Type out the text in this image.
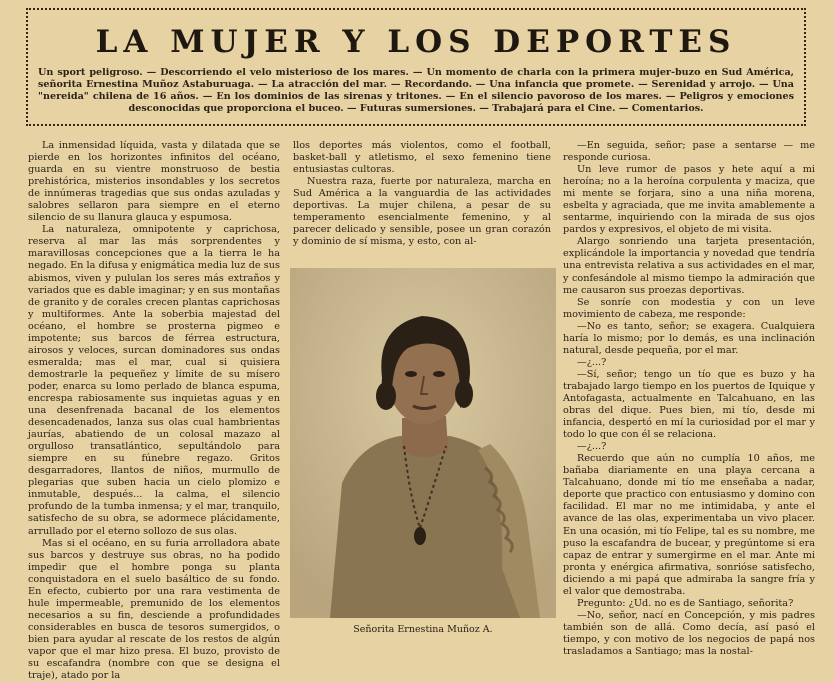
LA MUJER Y LOS DEPORTES
Un sport peligroso. — Descorriendo el velo misterioso de los mares. — Un momento de charla con la primera mujer-buzo en Sud América, señorita Ernestina Muñoz Astaburuaga. — La atracción del mar. — Recordando. — Una infancia que promete. — Serenidad y arrojo. — Una "nereida" chilena de 16 años. — En los dominios de las sirenas y tritones. — En el silencio pavoroso de los mares. — Peligros y emociones desconocidas que proporciona el buceo. — Futuras sumersiones. — Trabajará para el Cine. — Comentarios.

La inmensidad líquida, vasta y dilatada que se pierde en los horizontes infinitos del océano, guarda en su vientre monstruoso de bestia prehistórica, misterios insondables y los secretos de innúmeras tragedias que sus ondas azuladas y salobres sellaron para siempre en el eterno silencio de su llanura glauca y espumosa.

La naturaleza, omnipotente y caprichosa, reserva al mar las más sorprendentes y maravillosas concepciones que a la tierra le ha negado. En la difusa y enigmática media luz de sus abismos, viven y pululan los seres más extraños y variados que es dable imaginar; y en sus montañas de granito y de corales crecen plantas caprichosas y multiformes. Ante la soberbia majestad del océano, el hombre se prosterna pigmeo e impotente; sus barcos de férrea estructura, airosos y veloces, surcan dominadores sus ondas esmeralda; mas el mar, cual si quisiera demostrarle la pequeñez y límite de su mísero poder, enarca su lomo perlado de blanca espuma, encrespa rabiosamente sus inquietas aguas y en una desenfrenada bacanal de los elementos desencadenados, lanza sus olas cual hambrientas jaurías, abatiendo de un colosal mazazo al orgulloso transatlántico, sepultándolo para siempre en su fúnebre regazo. Gritos desgarradores, llantos de niños, murmullo de plegarias que suben hacia un cielo plomizo e inmutable, después... la calma, el silencio profundo de la tumba inmensa; y el mar, tranquilo, satisfecho de su obra, se adormece plácidamente, arrullado por el eterno sollozo de sus olas.

Mas si el océano, en su furia arrolladora abate sus barcos y destruye sus obras, no ha podido impedir que el hombre ponga su planta conquistadora en el suelo basáltico de su fondo. En efecto, cubierto por una rara vestimenta de hule impermeable, premunido de los elementos necesarios a su fin, desciende a profundidades considerables en busca de tesoros sumergidos, o bien para ayudar al rescate de los restos de algún vapor que el mar hizo presa. El buzo, provisto de su escafandra (nombre con que se designa el traje), atado por la

llos deportes más violentos, como el football, basket-ball y atletismo, el sexo femenino tiene entusiastas cultoras.

Nuestra raza, fuerte por naturaleza, marcha en Sud América a la vanguardia de las actividades deportivas. La mujer chilena, a pesar de su temperamento esencialmente femenino, y al parecer delicado y sensible, posee un gran corazón y dominio de sí misma, y esto, con al-

Señorita Ernestina Muñoz A.

—En seguida, señor; pase a sentarse — me responde curiosa.

Un leve rumor de pasos y hete aquí a mi heroína; no a la heroína corpulenta y maciza, que mi mente se forjara, sino a una niña morena, esbelta y agraciada, que me invita amablemente a sentarme, inquiriendo con la mirada de sus ojos pardos y expresivos, el objeto de mi visita.

Alargo sonriendo una tarjeta presentación, explicándole la importancia y novedad que tendría una entrevista relativa a sus actividades en el mar, y confesándole al mismo tiempo la admiración que me causaron sus proezas deportivas.

Se sonríe con modestia y con un leve movimiento de cabeza, me responde:

—No es tanto, señor; se exagera. Cualquiera haría lo mismo; por lo demás, es una inclinación natural, desde pequeña, por el mar.

—¿...?

—Sí, señor; tengo un tío que es buzo y ha trabajado largo tiempo en los puertos de Iquique y Antofagasta, actualmente en Talcahuano, en las obras del dique. Pues bien, mi tío, desde mi infancia, despertó en mí la curiosidad por el mar y todo lo que con él se relaciona.

—¿...?

Recuerdo que aún no cumplía 10 años, me bañaba diariamente en una playa cercana a Talcahuano, donde mi tío me enseñaba a nadar, deporte que practico con entusiasmo y domino con facilidad. El mar no me intimidaba, y ante el avance de las olas, experimentaba un vivo placer. En una ocasión, mi tío Felipe, tal es su nombre, me puso la escafandra de bucear, y pregúntome si era capaz de entrar y sumergirme en el mar. Ante mi pronta y enérgica afirmativa, sonrióse satisfecho, diciendo a mi papá que admiraba la sangre fría y el valor que demostraba.

Pregunto: ¿Ud. no es de Santiago, señorita?

—No, señor, nací en Concepción, y mis padres también son de allá. Como decía, así pasó el tiempo, y con motivo de los negocios de papá nos trasladamos a Santiago; mas la nostal-
